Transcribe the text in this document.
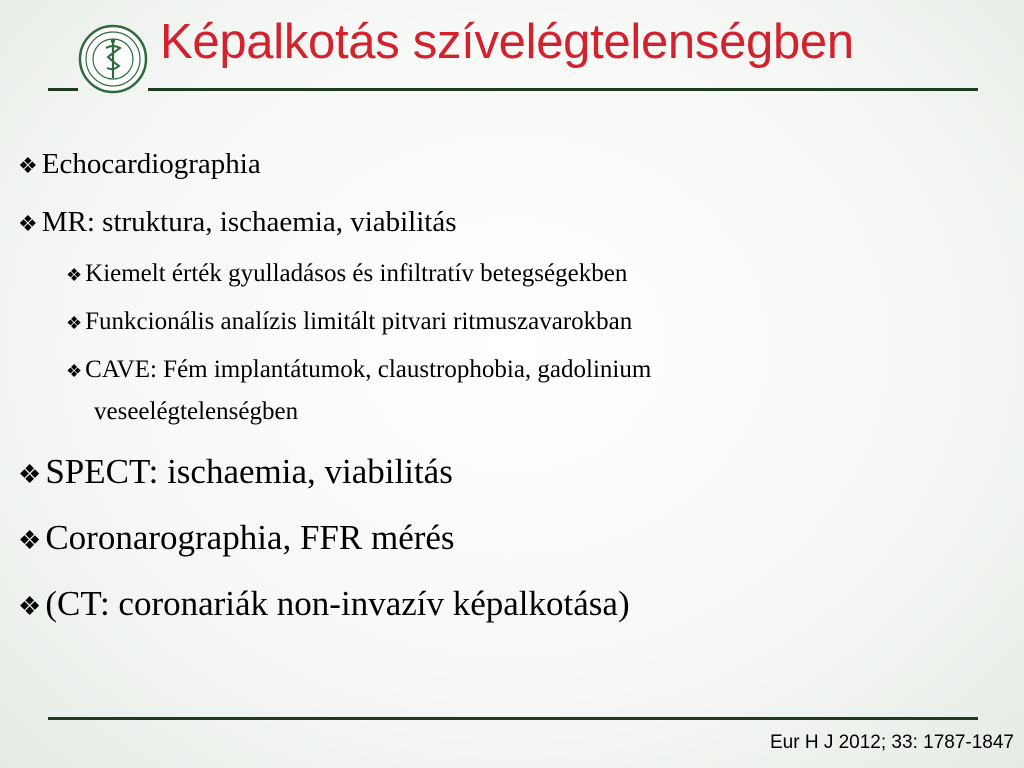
Képalkotás szívelégtelenségben
❖ Echocardiographia
❖ MR: struktura, ischaemia, viabilitás
❖ Kiemelt érték gyulladásos és infiltratív betegségekben
❖ Funkcionális analízis limitált pitvari ritmuszavarokban
❖ CAVE: Fém implantátumok, claustrophobia, gadolinium
veseelégtelenségben
❖ SPECT: ischaemia, viabilitás
❖ Coronarographia, FFR mérés
❖ (CT: coronariák non-invazív képalkotása)
Eur H J 2012; 33: 1787-1847
